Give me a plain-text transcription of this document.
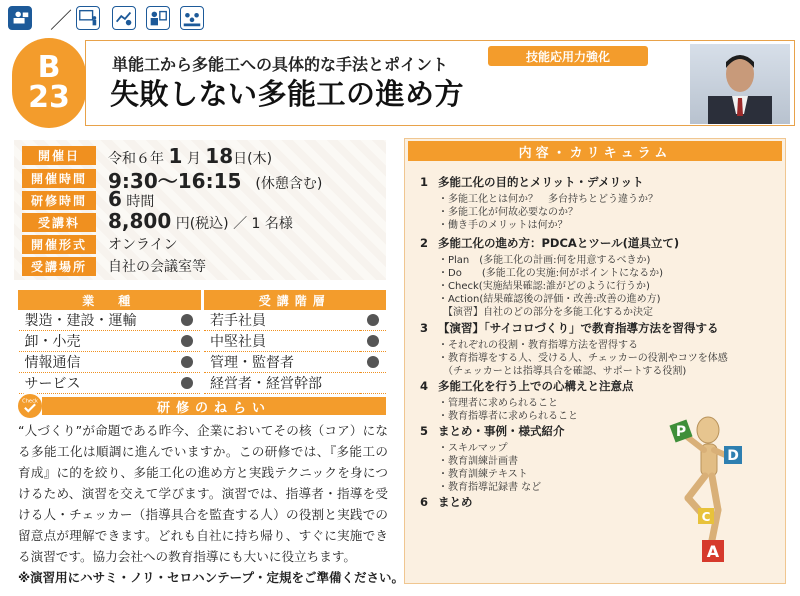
／
B
23
単能工から多能工への具体的な手法とポイント
失敗しない多能工の進め方
技能応用力強化
開催日	令和６年 1 月 18日(木)
開催時間	9:30〜16:15　(休憩含む)
研修時間	6 時間
受講料	8,800 円(税込) ／ 1 名様
開催形式	オンライン
受講場所	自社の会議室等
業　種			受講階層	
製造・建設・運輸			若手社員	
卸・小売			中堅社員	
情報通信			管理・監督者	
サービス			経営者・経営幹部	
Check	研修のねらい
“人づくり”が命題である昨今、企業においてその核（コア）になる多能工化は順調に進んでいますか。この研修では、『多能工の育成』に的を絞り、多能工化の進め方と実践テクニックを身につけるため、演習を交えて学びます。演習では、指導者・指導を受ける人・チェッカー（指導具合を監査する人）の役割と実践での留意点が理解できます。どれも自社に持ち帰り、すぐに実施できる演習です。協力会社への教育指導にも大いに役立ちます。
※演習用にハサミ・ノリ・セロハンテープ・定規をご準備ください。
内容・カリキュラム
1 多能工化の目的とメリット・デメリット
・多能工化とは何か？　多台持ちとどう違うか？
・多能工化が何故必要なのか？
・働き手のメリットは何か？
2 多能工化の進め方：PDCAとツール(道具立て)
・Plan　(多能工化の計画:何を用意するべきか)
・Do　　(多能工化の実施:何がポイントになるか)
・Check(実施結果確認:誰がどのように行うか)
・Action(結果確認後の評価・改善:改善の進め方)
　【演習】自社のどの部分を多能工化するか決定
3 【演習】「サイコロづくり」で教育指導方法を習得する
・それぞれの役割・教育指導方法を習得する
・教育指導をする人、受ける人、チェッカーの役割やコツを体感
　（チェッカーとは指導具合を確認、サポートする役割)
4 多能工化を行う上での心構えと注意点
・管理者に求められること
・教育指導者に求められること
5 まとめ・事例・様式紹介
・スキルマップ
・教育訓練計画書
・教育訓練テキスト
・教育指導記録書 など
6 まとめ
P
D
C
A
